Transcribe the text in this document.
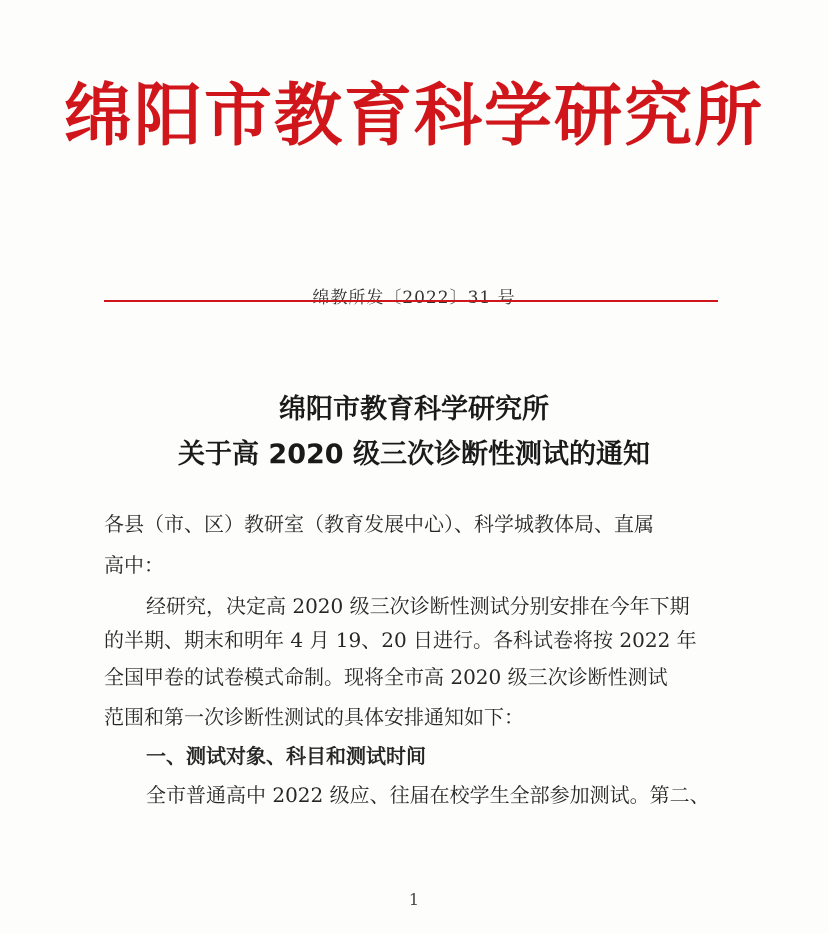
绵阳市教育科学研究所
绵教所发〔2022〕31 号
绵阳市教育科学研究所
关于高 2020 级三次诊断性测试的通知
各县（市、区）教研室（教育发展中心）、科学城教体局、直属
高中：
经研究，决定高 2020 级三次诊断性测试分别安排在今年下期
的半期、期末和明年 4 月 19、20 日进行。各科试卷将按 2022 年
全国甲卷的试卷模式命制。现将全市高 2020 级三次诊断性测试
范围和第一次诊断性测试的具体安排通知如下：
一、测试对象、科目和测试时间
全市普通高中 2022 级应、往届在校学生全部参加测试。第二、
1
